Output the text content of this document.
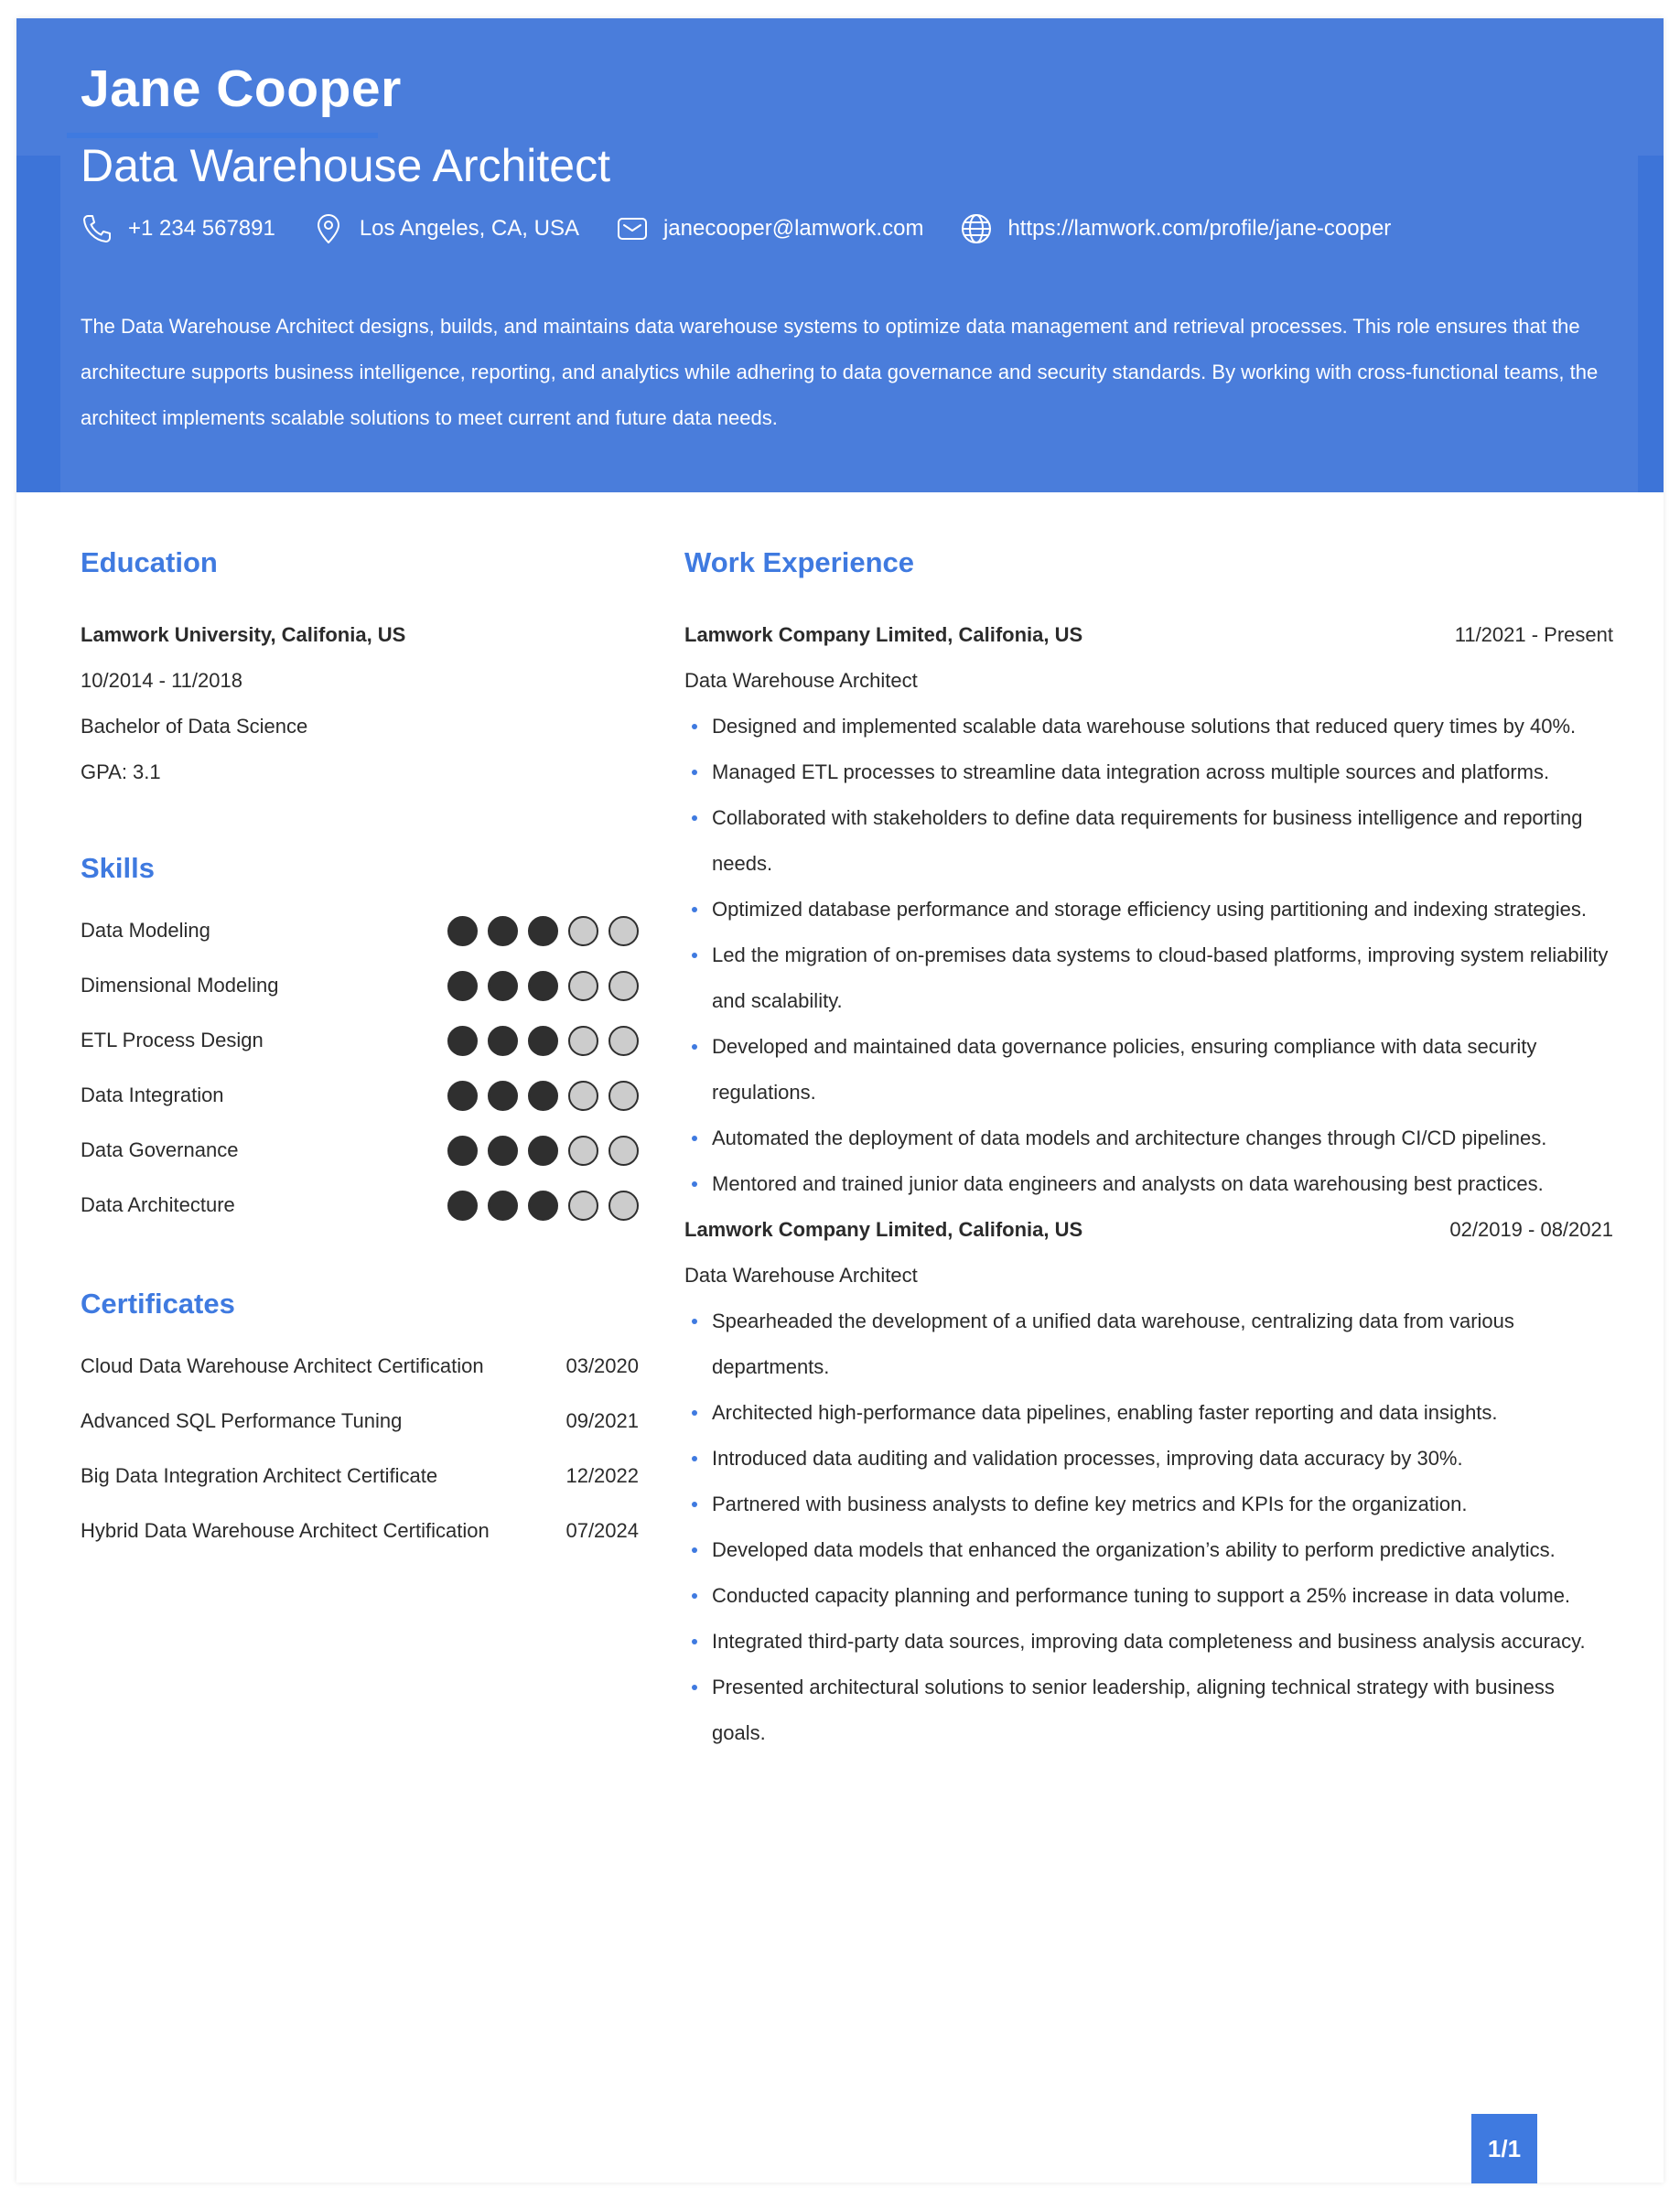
Jane Cooper
Data Warehouse Architect
+1 234 567891	Los Angeles, CA, USA	janecooper@lamwork.com	https://lamwork.com/profile/jane-cooper
The Data Warehouse Architect designs, builds, and maintains data warehouse systems to optimize data management and retrieval processes. This role ensures that the architecture supports business intelligence, reporting, and analytics while adhering to data governance and security standards. By working with cross-functional teams, the architect implements scalable solutions to meet current and future data needs.
Education
Lamwork University, Califonia, US
10/2014 - 11/2018
Bachelor of Data Science
GPA: 3.1
Skills
Data Modeling
Dimensional Modeling
ETL Process Design
Data Integration
Data Governance
Data Architecture
Certificates
Cloud Data Warehouse Architect Certification	03/2020
Advanced SQL Performance Tuning	09/2021
Big Data Integration Architect Certificate	12/2022
Hybrid Data Warehouse Architect Certification	07/2024
Work Experience
Lamwork Company Limited, Califonia, US	11/2021 - Present
Data Warehouse Architect
Designed and implemented scalable data warehouse solutions that reduced query times by 40%.
Managed ETL processes to streamline data integration across multiple sources and platforms.
Collaborated with stakeholders to define data requirements for business intelligence and reporting needs.
Optimized database performance and storage efficiency using partitioning and indexing strategies.
Led the migration of on-premises data systems to cloud-based platforms, improving system reliability and scalability.
Developed and maintained data governance policies, ensuring compliance with data security regulations.
Automated the deployment of data models and architecture changes through CI/CD pipelines.
Mentored and trained junior data engineers and analysts on data warehousing best practices.
Lamwork Company Limited, Califonia, US	02/2019 - 08/2021
Data Warehouse Architect
Spearheaded the development of a unified data warehouse, centralizing data from various departments.
Architected high-performance data pipelines, enabling faster reporting and data insights.
Introduced data auditing and validation processes, improving data accuracy by 30%.
Partnered with business analysts to define key metrics and KPIs for the organization.
Developed data models that enhanced the organization’s ability to perform predictive analytics.
Conducted capacity planning and performance tuning to support a 25% increase in data volume.
Integrated third-party data sources, improving data completeness and business analysis accuracy.
Presented architectural solutions to senior leadership, aligning technical strategy with business goals.
1/1
